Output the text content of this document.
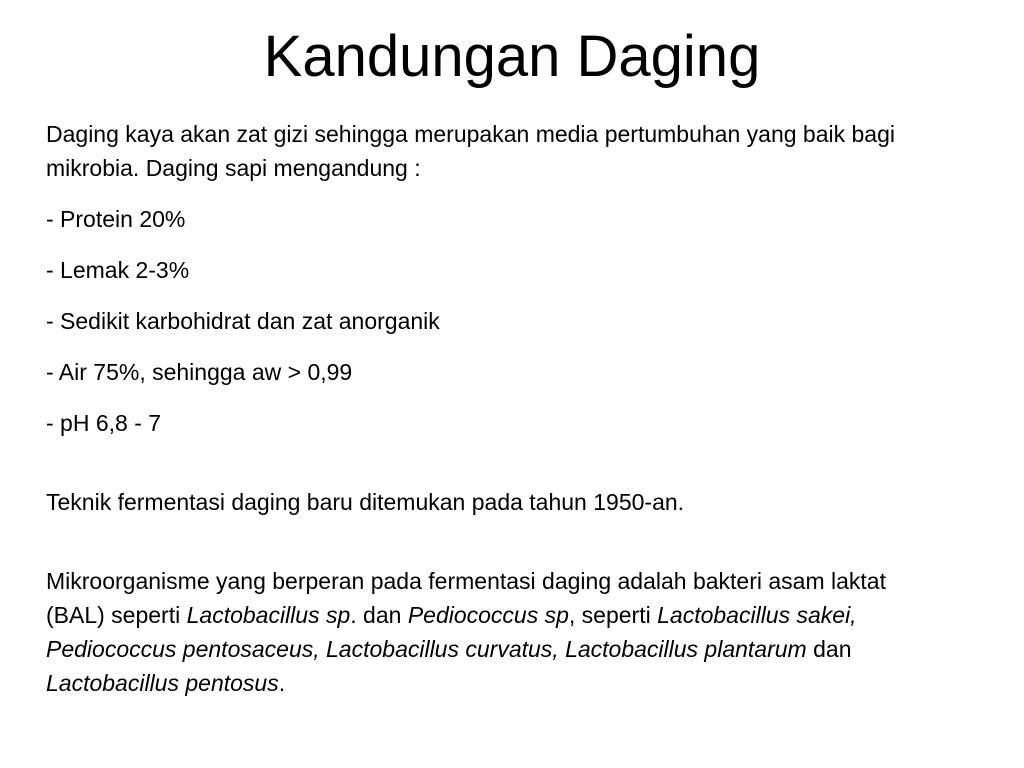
Kandungan Daging

Daging kaya akan zat gizi sehingga merupakan media pertumbuhan yang baik bagi mikrobia. Daging sapi mengandung :

- Protein 20%

- Lemak 2-3%

- Sedikit karbohidrat dan zat anorganik

- Air 75%, sehingga aw > 0,99

- pH 6,8 - 7

Teknik fermentasi daging baru ditemukan pada tahun 1950-an.

Mikroorganisme yang berperan pada fermentasi daging adalah bakteri asam laktat (BAL) seperti Lactobacillus sp. dan Pediococcus sp, seperti Lactobacillus sakei, Pediococcus pentosaceus, Lactobacillus curvatus, Lactobacillus plantarum dan Lactobacillus pentosus.
